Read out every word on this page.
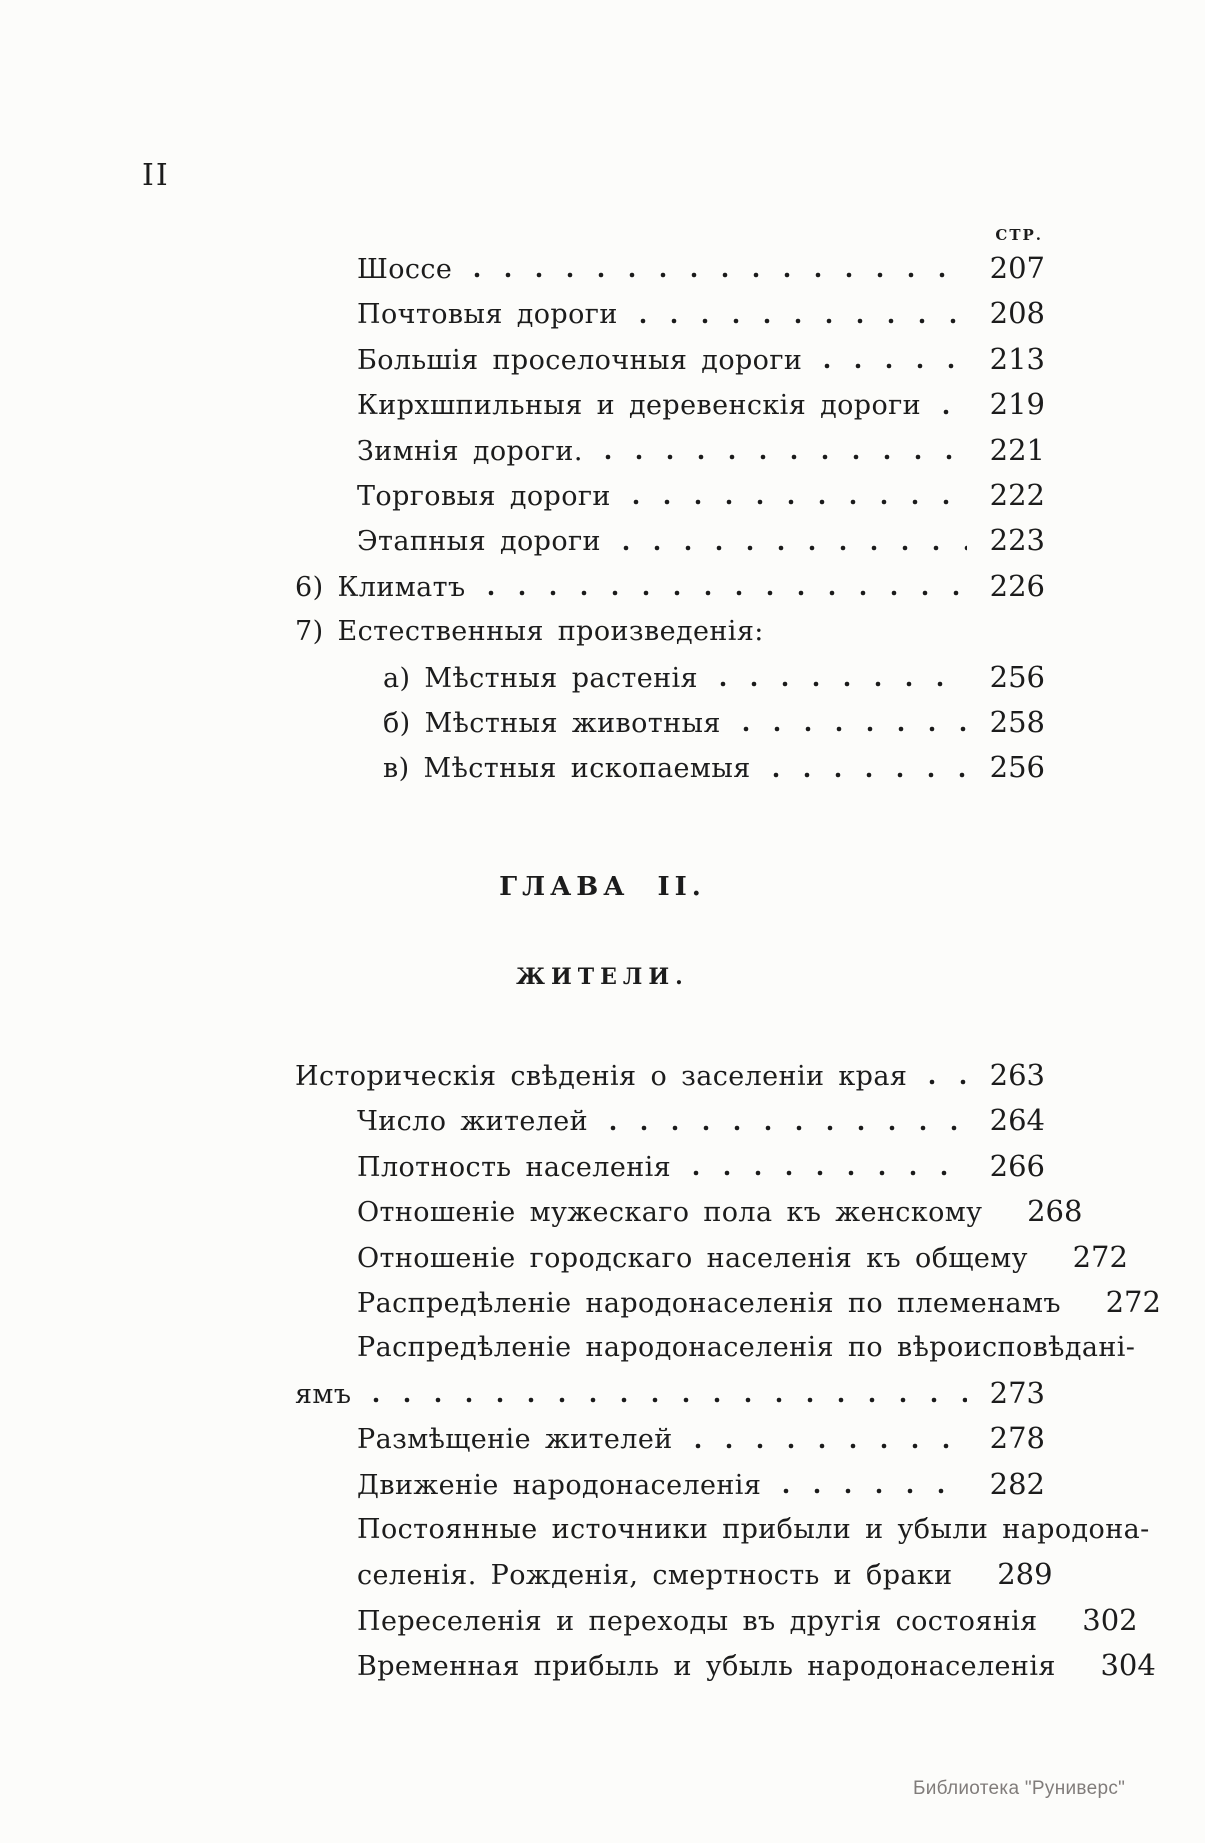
II
СТР.
Шоссе	207
Почтовыя дороги	208
Большія проселочныя дороги	213
Кирхшпильныя и деревенскія дороги 219
Зимнія дороги.	221
Торговыя дороги	222
Этапныя дороги	223
6) Климатъ	226
7) Естественныя произведенія:
а) Мѣстныя растенія	256
б) Мѣстныя животныя	258
в) Мѣстныя ископаемыя	256
ГЛАВА II.
ЖИТЕЛИ.
Историческія свѣденія о заселеніи края	263
Число жителей	264
Плотность населенія	266
Отношеніе мужескаго пола къ женскому 268
Отношеніе городскаго населенія къ общему 272
Распредѣленіе народонаселенія по племенамъ 272
Распредѣленіе народонаселенія по вѣроисповѣдані-
ямъ	273
Размѣщеніе жителей	278
Движеніе народонаселенія	282
Постоянные источники прибыли и убыли народона-
селенія. Рожденія, смертность и браки 289
Переселенія и переходы въ другія состоянія 302
Временная прибыль и убыль народонаселенія 304
Библиотека "Руниверс"
